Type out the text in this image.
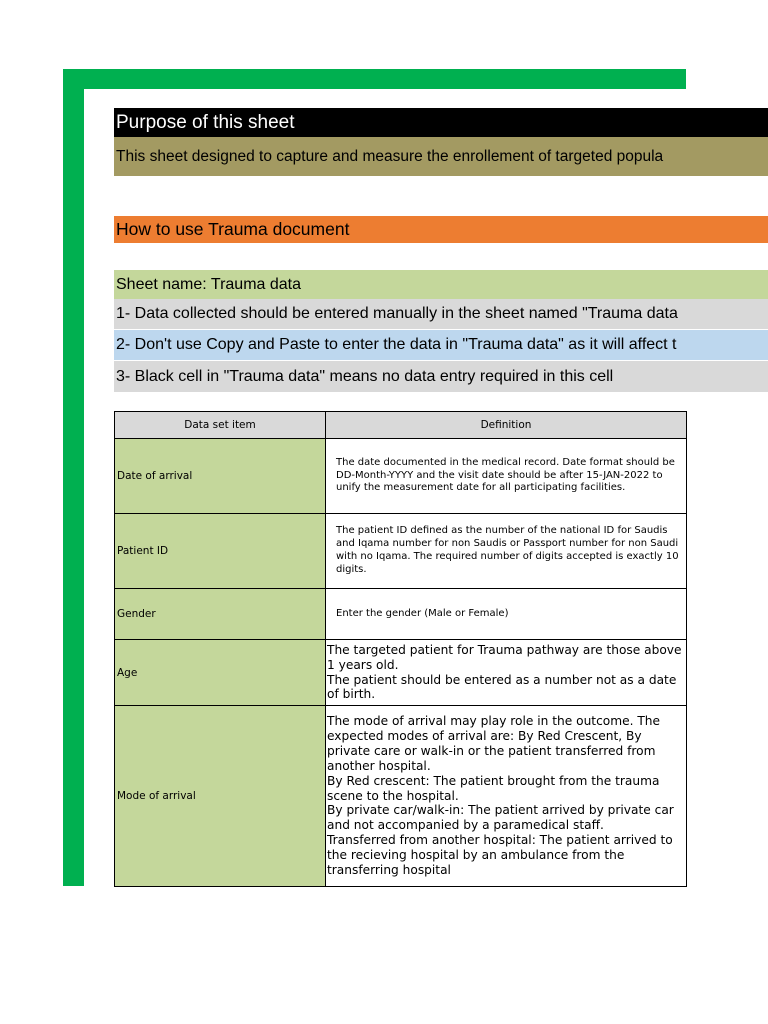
Purpose of this sheet
This sheet designed to capture and measure the enrollement of targeted popula
How to use Trauma document
Sheet name: Trauma data
1- Data collected should be entered manually in the sheet named "Trauma data
2- Don't use Copy and Paste to enter the data in "Trauma data" as it will affect t
3- Black cell in "Trauma data" means no data entry required in this cell
Data set item	Definition
Date of arrival	The date documented in the medical record. Date format should be DD-Month-YYYY and the visit date should be after 15-JAN-2022 to unify the measurement date for all participating facilities.
Patient ID	The patient ID defined as the number of the national ID for Saudis and Iqama number for non Saudis or Passport number for non Saudi with no Iqama. The required number of digits accepted is exactly 10 digits.
Gender	Enter the gender (Male or Female)
Age	The targeted patient for Trauma pathway are those above 1 years old.
The patient should be entered as a number not as a date of birth.
Mode of arrival	The mode of arrival may play role in the outcome. The expected modes of arrival are: By Red Crescent, By private care or walk-in or the patient transferred from another hospital.
By Red crescent: The patient brought from the trauma scene to the hospital.
By private car/walk-in: The patient arrived by private car and not accompanied by a paramedical staff.
Transferred from another hospital: The patient arrived to the recieving hospital by an ambulance from the transferring hospital
